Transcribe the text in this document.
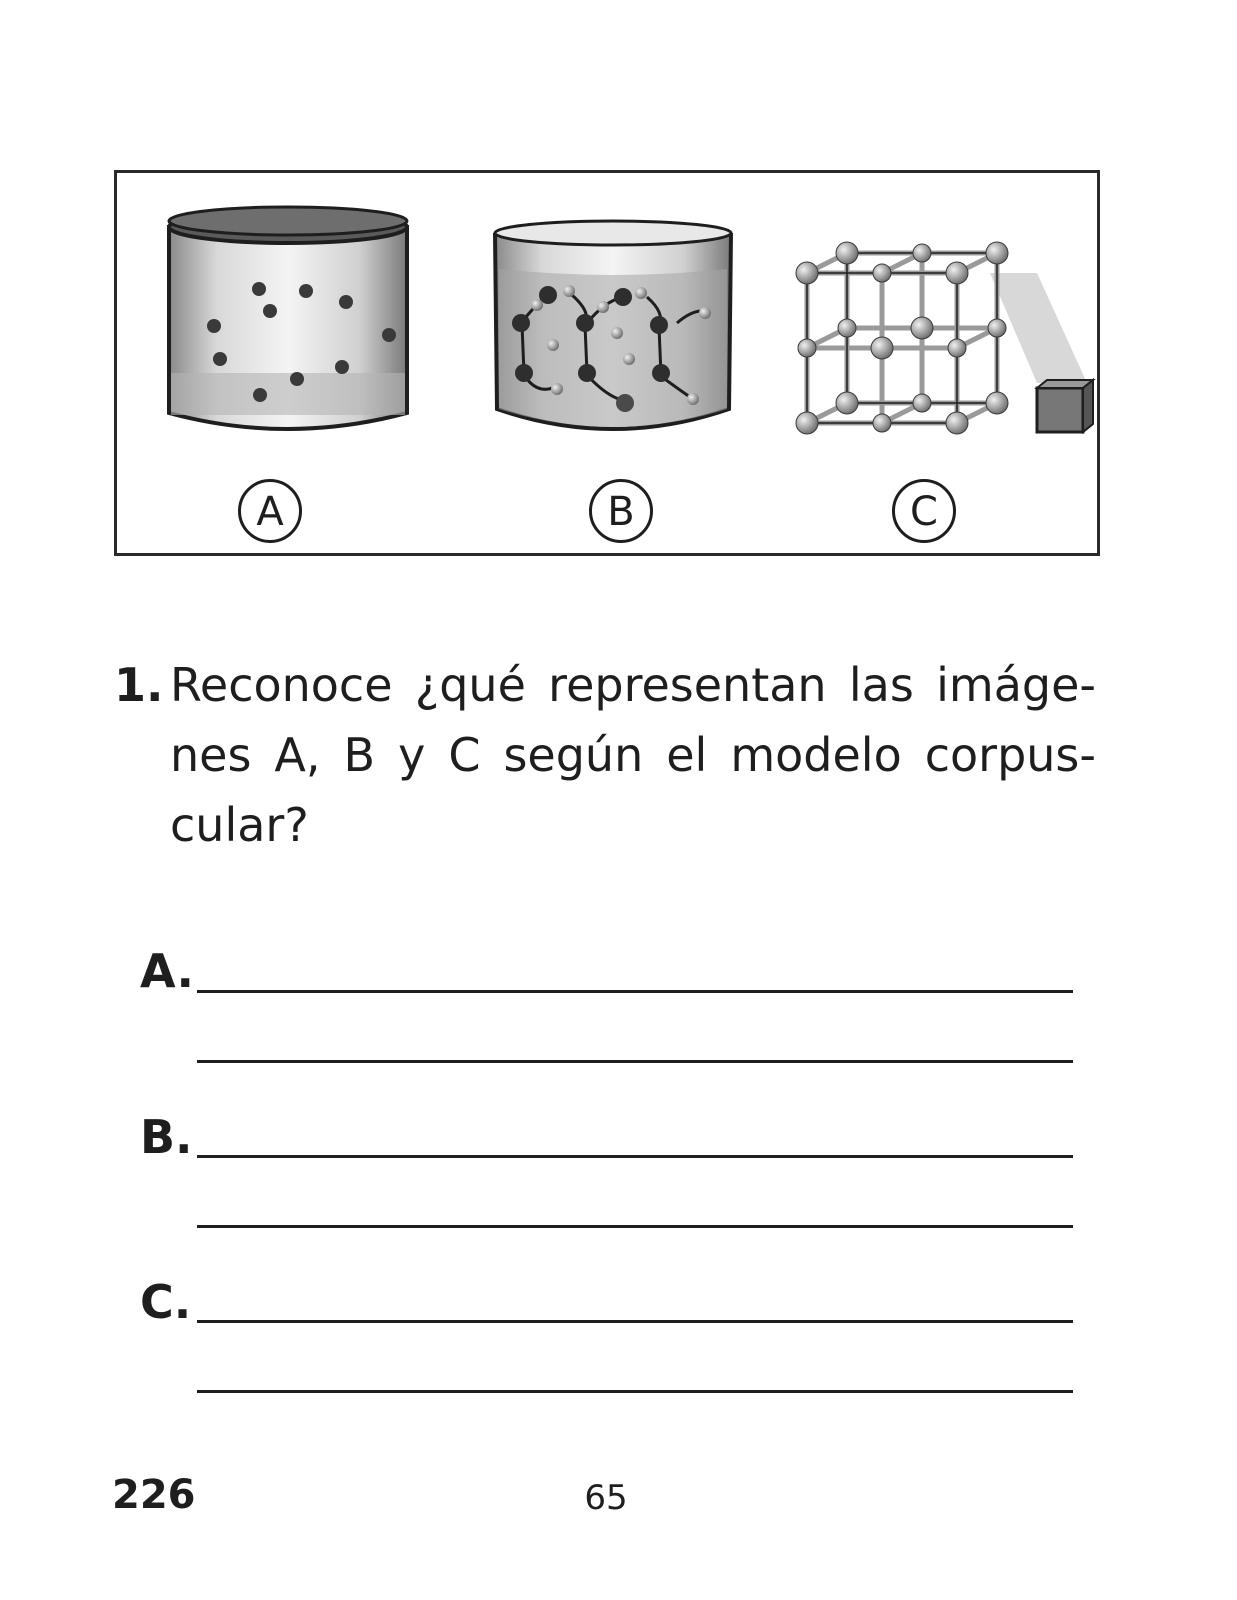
A	B	C
1. Reconoce ¿qué representan las imáge-
nes A, B y C según el modelo corpus-
cular?
A.
B.
C.
226	65
